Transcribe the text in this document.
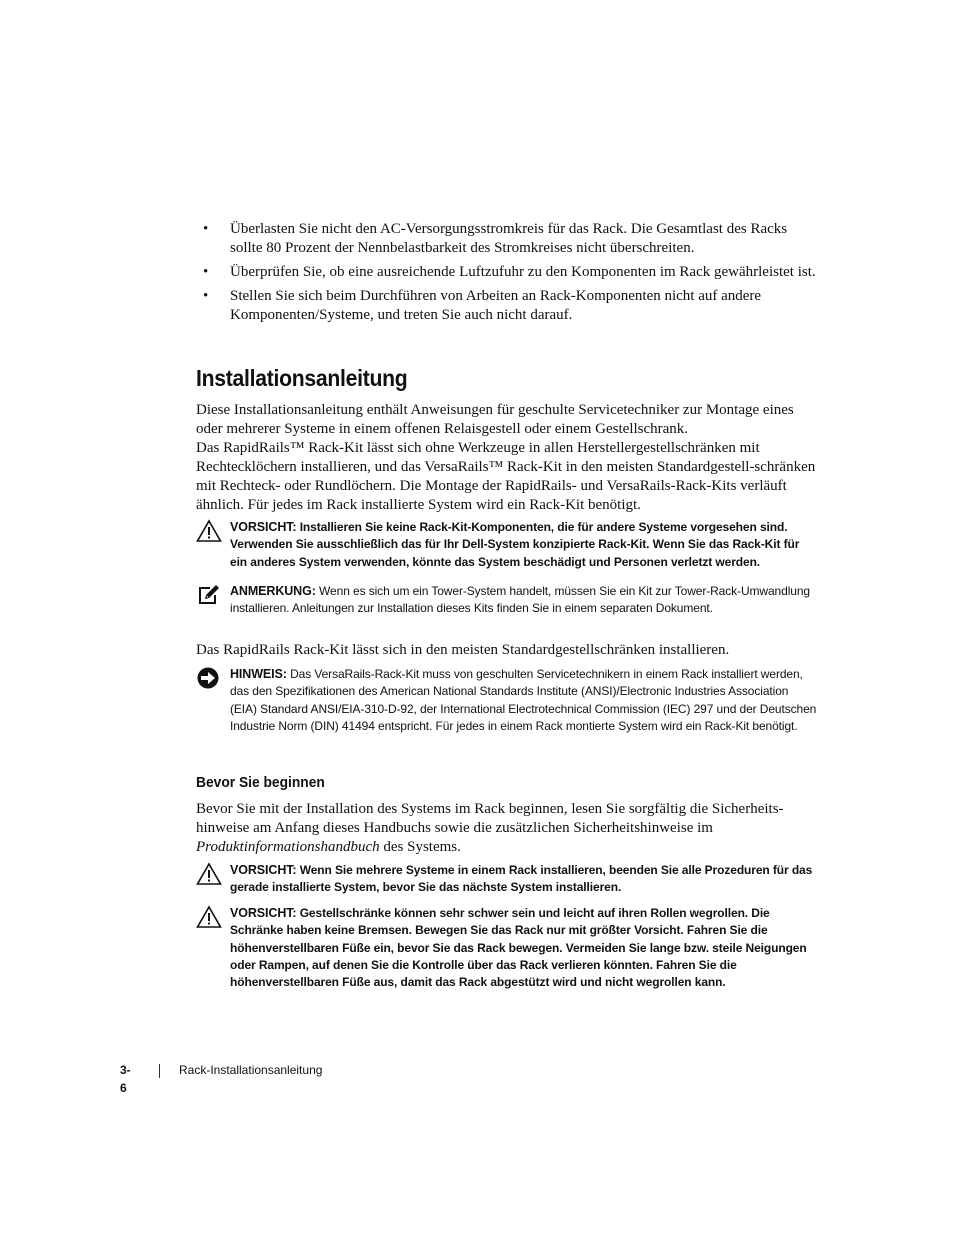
• Überlasten Sie nicht den AC-Versorgungsstromkreis für das Rack. Die Gesamtlast des Racks sollte 80 Prozent der Nennbelastbarkeit des Stromkreises nicht überschreiten.
• Überprüfen Sie, ob eine ausreichende Luftzufuhr zu den Komponenten im Rack gewährleistet ist.
• Stellen Sie sich beim Durchführen von Arbeiten an Rack-Komponenten nicht auf andere Komponenten/Systeme, und treten Sie auch nicht darauf.
Installationsanleitung

Diese Installationsanleitung enthält Anweisungen für geschulte Servicetechniker zur Montage eines oder mehrerer Systeme in einem offenen Relaisgestell oder einem Gestellschrank.

Das RapidRails™ Rack-Kit lässt sich ohne Werkzeuge in allen Herstellergestellschränken mit Rechtecklöchern installieren, und das VersaRails™ Rack-Kit in den meisten Standardgestell-schränken mit Rechteck- oder Rundlöchern. Die Montage der RapidRails- und VersaRails-Rack-Kits verläuft ähnlich. Für jedes im Rack installierte System wird ein Rack-Kit benötigt.

VORSICHT: Installieren Sie keine Rack-Kit-Komponenten, die für andere Systeme vorgesehen sind. Verwenden Sie ausschließlich das für Ihr Dell-System konzipierte Rack-Kit. Wenn Sie das Rack-Kit für ein anderes System verwenden, könnte das System beschädigt und Personen verletzt werden.
ANMERKUNG: Wenn es sich um ein Tower-System handelt, müssen Sie ein Kit zur Tower-Rack-Umwandlung installieren. Anleitungen zur Installation dieses Kits finden Sie in einem separaten Dokument.

Das RapidRails Rack-Kit lässt sich in den meisten Standardgestellschränken installieren.

HINWEIS: Das VersaRails-Rack-Kit muss von geschulten Servicetechnikern in einem Rack installiert werden, das den Spezifikationen des American National Standards Institute (ANSI)/Electronic Industries Association (EIA) Standard ANSI/EIA-310-D-92, der International Electrotechnical Commission (IEC) 297 und der Deutschen Industrie Norm (DIN) 41494 entspricht. Für jedes in einem Rack montierte System wird ein Rack-Kit benötigt.
Bevor Sie beginnen

Bevor Sie mit der Installation des Systems im Rack beginnen, lesen Sie sorgfältig die Sicherheits-hinweise am Anfang dieses Handbuchs sowie die zusätzlichen Sicherheitshinweise im Produktinformationshandbuch des Systems.

VORSICHT: Wenn Sie mehrere Systeme in einem Rack installieren, beenden Sie alle Prozeduren für das gerade installierte System, bevor Sie das nächste System installieren.
VORSICHT: Gestellschränke können sehr schwer sein und leicht auf ihren Rollen wegrollen. Die Schränke haben keine Bremsen. Bewegen Sie das Rack nur mit größter Vorsicht. Fahren Sie die höhenverstellbaren Füße ein, bevor Sie das Rack bewegen. Vermeiden Sie lange bzw. steile Neigungen oder Rampen, auf denen Sie die Kontrolle über das Rack verlieren könnten. Fahren Sie die höhenverstellbaren Füße aus, damit das Rack abgestützt wird und nicht wegrollen kann.
3-6
Rack-Installationsanleitung
